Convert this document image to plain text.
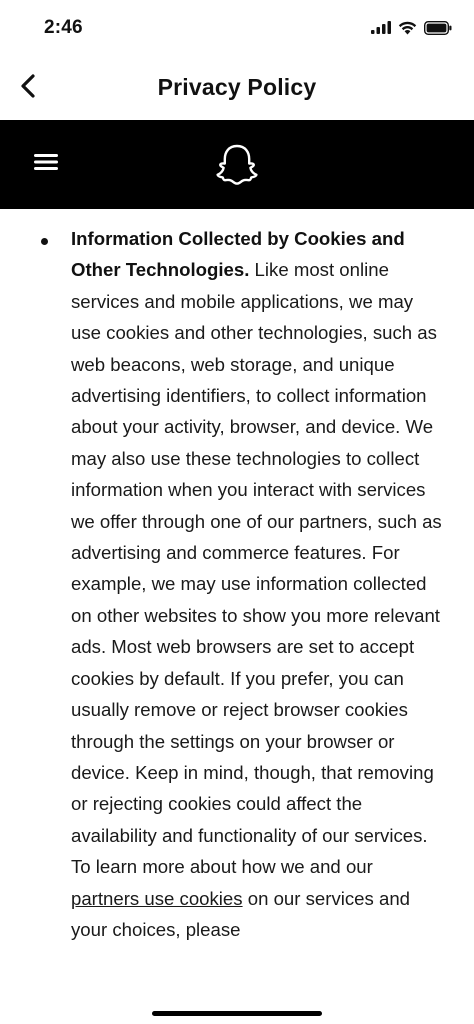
2:46
Privacy Policy
Information Collected by Cookies and Other Technologies. Like most online services and mobile applications, we may use cookies and other technologies, such as web beacons, web storage, and unique advertising identifiers, to collect information about your activity, browser, and device. We may also use these technologies to collect information when you interact with services we offer through one of our partners, such as advertising and commerce features. For example, we may use information collected on other websites to show you more relevant ads. Most web browsers are set to accept cookies by default. If you prefer, you can usually remove or reject browser cookies through the settings on your browser or device. Keep in mind, though, that removing or rejecting cookies could affect the availability and functionality of our services. To learn more about how we and our partners use cookies on our services and your choices, please
